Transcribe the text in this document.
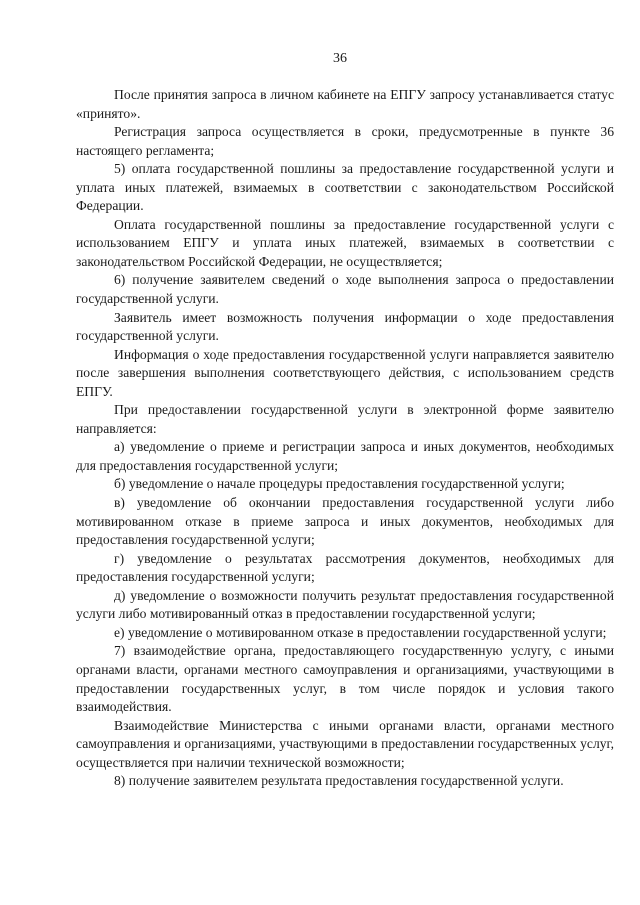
36

После принятия запроса в личном кабинете на ЕПГУ запросу устанавливается статус «принято».

Регистрация запроса осуществляется в сроки, предусмотренные в пункте 36 настоящего регламента;

5) оплата государственной пошлины за предоставление государственной услуги и уплата иных платежей, взимаемых в соответствии с законодательством Российской Федерации.

Оплата государственной пошлины за предоставление государственной услуги с использованием ЕПГУ и уплата иных платежей, взимаемых в соответствии с законодательством Российской Федерации, не осуществляется;

6) получение заявителем сведений о ходе выполнения запроса о предоставлении государственной услуги.

Заявитель имеет возможность получения информации о ходе предоставления государственной услуги.

Информация о ходе предоставления государственной услуги направляется заявителю после завершения выполнения соответствующего действия, с использованием средств ЕПГУ.

При предоставлении государственной услуги в электронной форме заявителю направляется:

а) уведомление о приеме и регистрации запроса и иных документов, необходимых для предоставления государственной услуги;

б) уведомление о начале процедуры предоставления государственной услуги;

в) уведомление об окончании предоставления государственной услуги либо мотивированном отказе в приеме запроса и иных документов, необходимых для предоставления государственной услуги;

г) уведомление о результатах рассмотрения документов, необходимых для предоставления государственной услуги;

д) уведомление о возможности получить результат предоставления государственной услуги либо мотивированный отказ в предоставлении государственной услуги;

е) уведомление о мотивированном отказе в предоставлении государственной услуги;

7) взаимодействие органа, предоставляющего государственную услугу, с иными органами власти, органами местного самоуправления и организациями, участвующими в предоставлении государственных услуг, в том числе порядок и условия такого взаимодействия.

Взаимодействие Министерства с иными органами власти, органами местного самоуправления и организациями, участвующими в предоставлении государственных услуг, осуществляется при наличии технической возможности;

8) получение заявителем результата предоставления государственной услуги.
